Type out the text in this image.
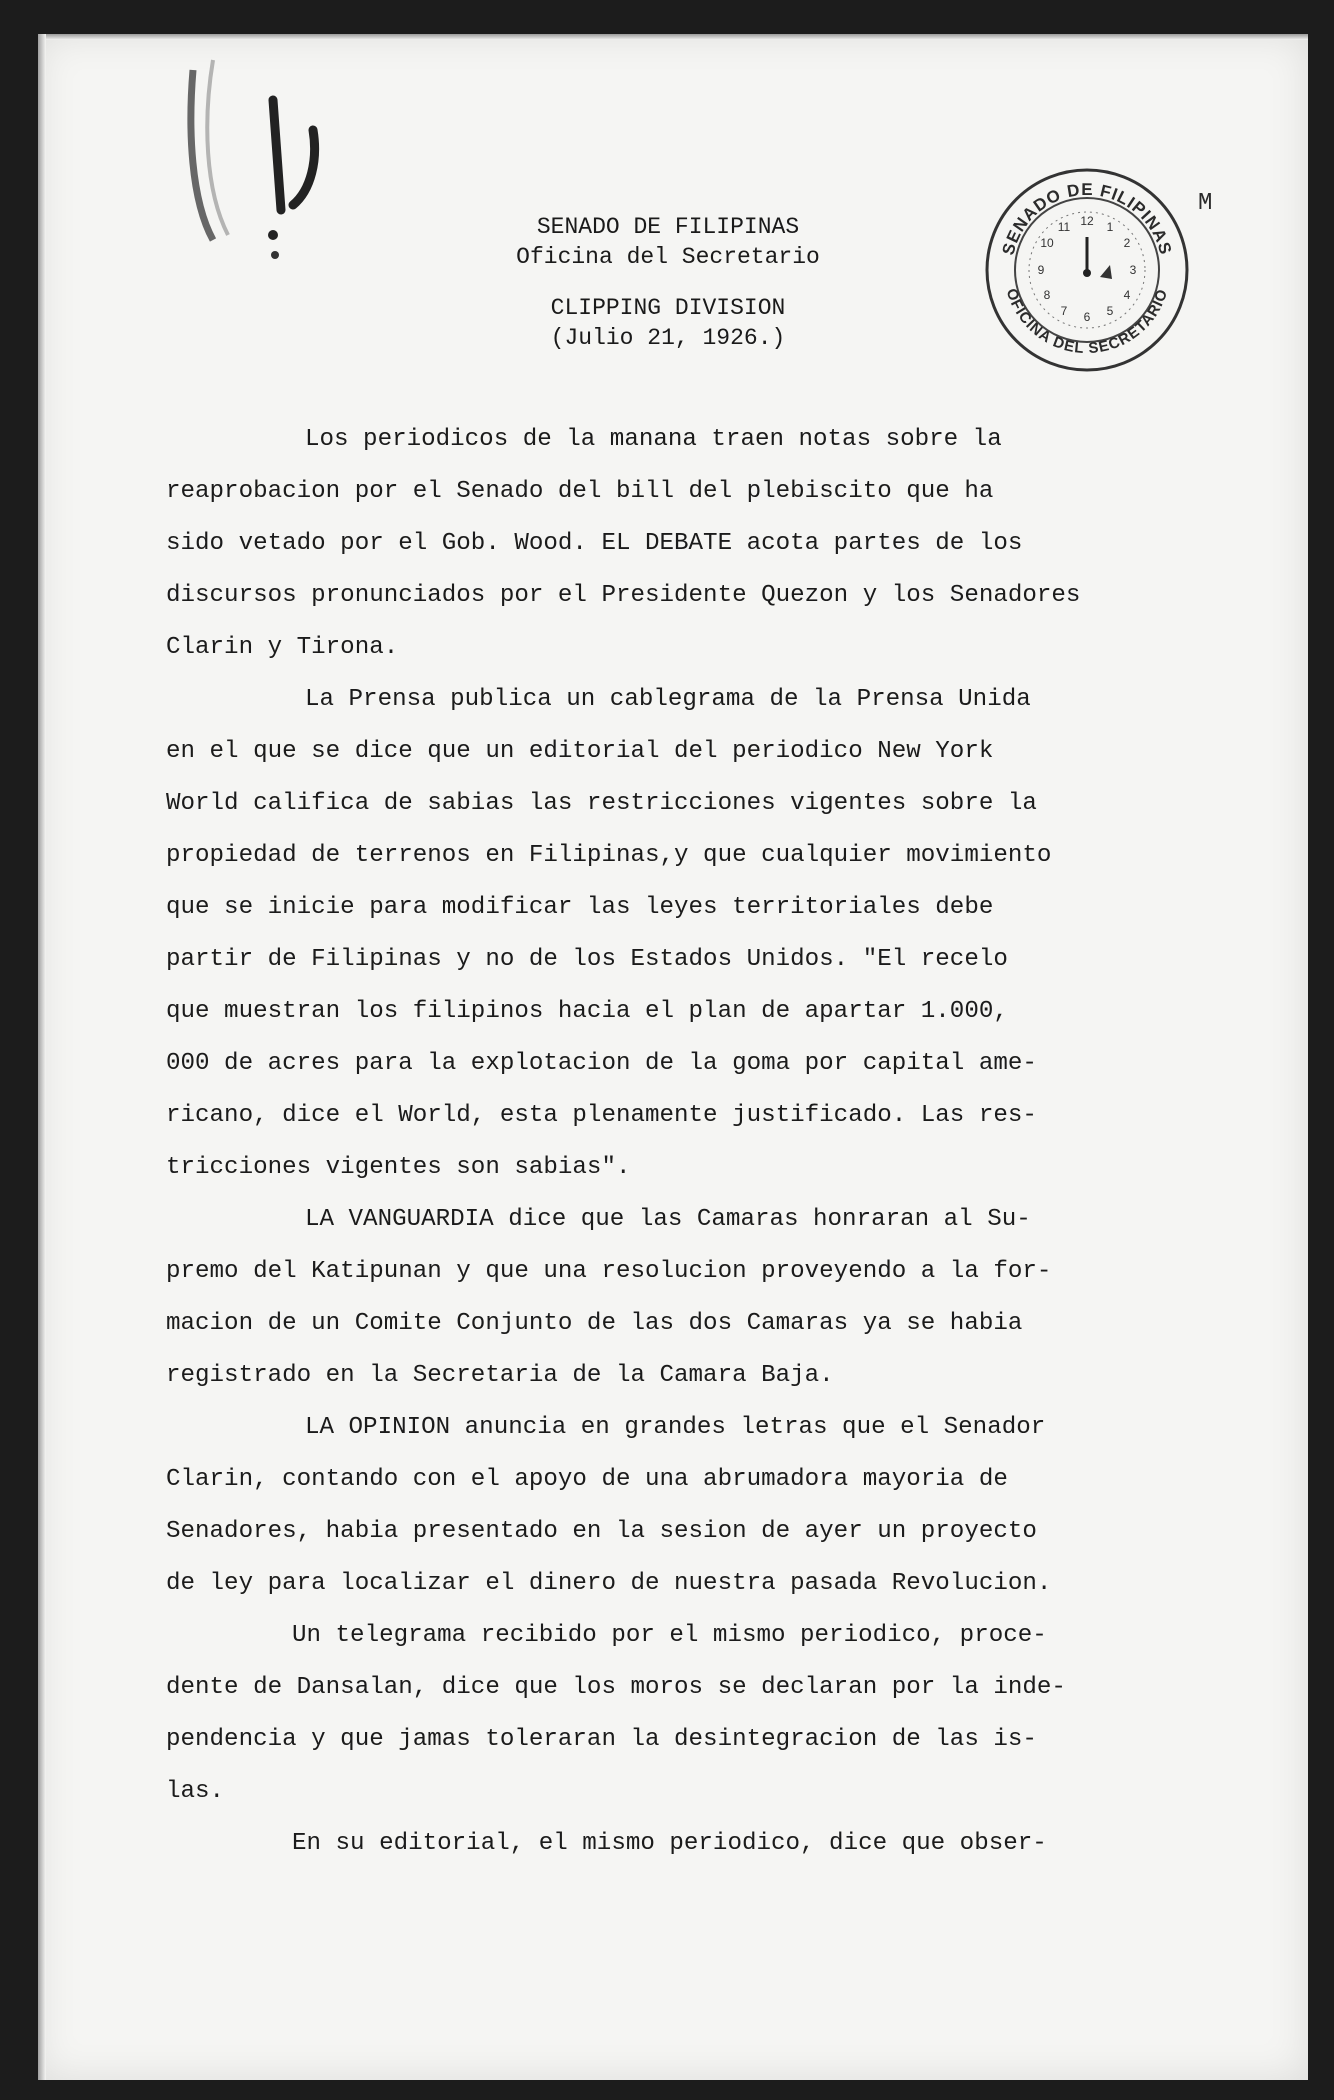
SENADO DE FILIPINAS
Oficina del Secretario
CLIPPING DIVISION
(Julio 21, 1926.)
SENADO DE FILIPINAS
OFICINA DEL SECRETARIO
12 1
2
3
4
5
6
7
8
9
10
11
M
Los periodicos de la manana traen notas sobre la
reaprobacion por el Senado del bill del plebiscito que ha
sido vetado por el Gob. Wood. EL DEBATE acota partes de los
discursos pronunciados por el Presidente Quezon y los Senadores
Clarin y Tirona.
La Prensa publica un cablegrama de la Prensa Unida
en el que se dice que un editorial del periodico New York
World califica de sabias las restricciones vigentes sobre la
propiedad de terrenos en Filipinas,y que cualquier movimiento
que se inicie para modificar las leyes territoriales debe
partir de Filipinas y no de los Estados Unidos. "El recelo
que muestran los filipinos hacia el plan de apartar 1.000,
000 de acres para la explotacion de la goma por capital ame-
ricano, dice el World, esta plenamente justificado. Las res-
tricciones vigentes son sabias".
LA VANGUARDIA dice que las Camaras honraran al Su-
premo del Katipunan y que una resolucion proveyendo a la for-
macion de un Comite Conjunto de las dos Camaras ya se habia
registrado en la Secretaria de la Camara Baja.
LA OPINION anuncia en grandes letras que el Senador
Clarin, contando con el apoyo de una abrumadora mayoria de
Senadores, habia presentado en la sesion de ayer un proyecto
de ley para localizar el dinero de nuestra pasada Revolucion.
Un telegrama recibido por el mismo periodico, proce-
dente de Dansalan, dice que los moros se declaran por la inde-
pendencia y que jamas toleraran la desintegracion de las is-
las.
En su editorial, el mismo periodico, dice que obser-
